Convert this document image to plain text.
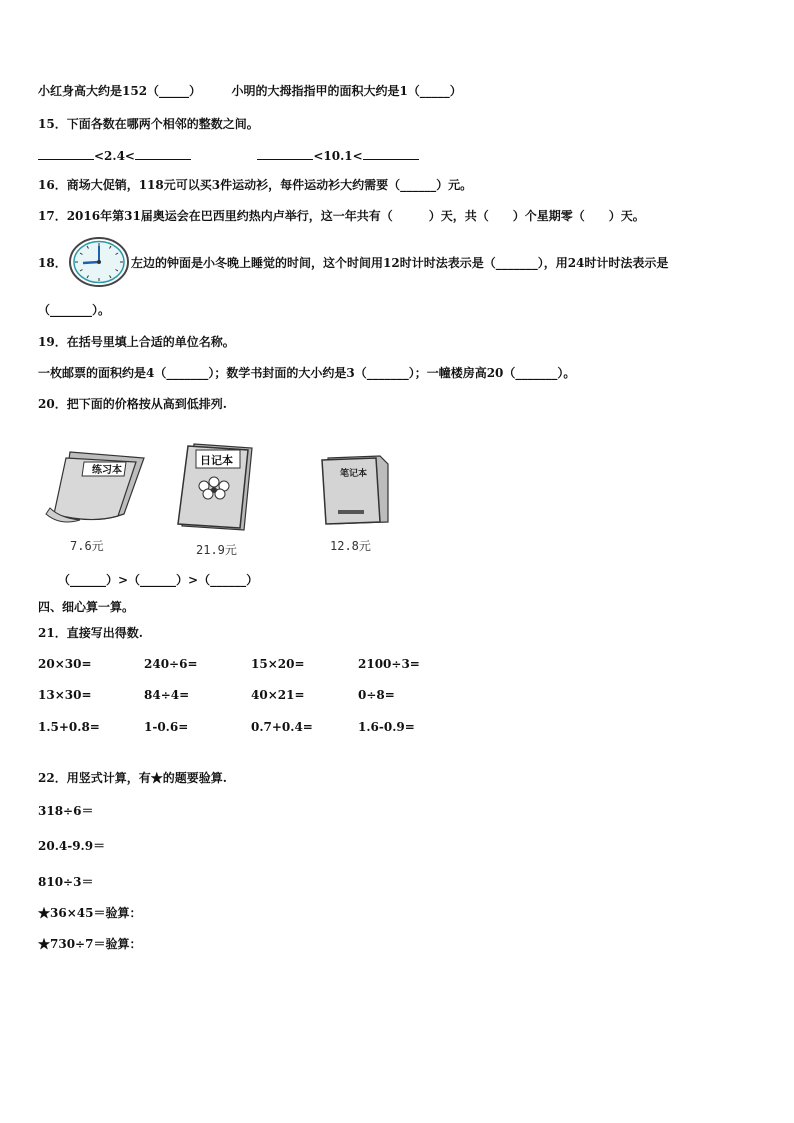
小红身高大约是152（_____）	小明的大拇指指甲的面积大约是1（_____）
15．下面各数在哪两个相邻的整数之间。
<2.4<	<10.1<
16．商场大促销，118元可以买3件运动衫，每件运动衫大约需要（______）元。
17．2016年第31届奥运会在巴西里约热内卢举行，这一年共有（　　　）天，共（　　）个星期零（　　）天。
18．	左边的钟面是小冬晚上睡觉的时间，这个时间用12时计时法表示是（_______），用24时计时法表示是
（_______）。
19．在括号里填上合适的单位名称。
一枚邮票的面积约是4（_______）；数学书封面的大小约是3（_______）；一幢楼房高20（_______）。
20．把下面的价格按从高到低排列.
练习本
7.6元
日记本
21.9元
笔记本
12.8元
（______）>（______）>（______）
四、细心算一算。
21．直接写出得数.
20×30=	240÷6=	15×20=	2100÷3=
13×30=	84÷4=	40×21=	0÷8=
1.5+0.8=	1-0.6=	0.7+0.4=	1.6-0.9=
22．用竖式计算，有★的题要验算.
318÷6＝
20.4-9.9＝
810÷3＝
★36×45＝验算：
★730÷7＝验算：
